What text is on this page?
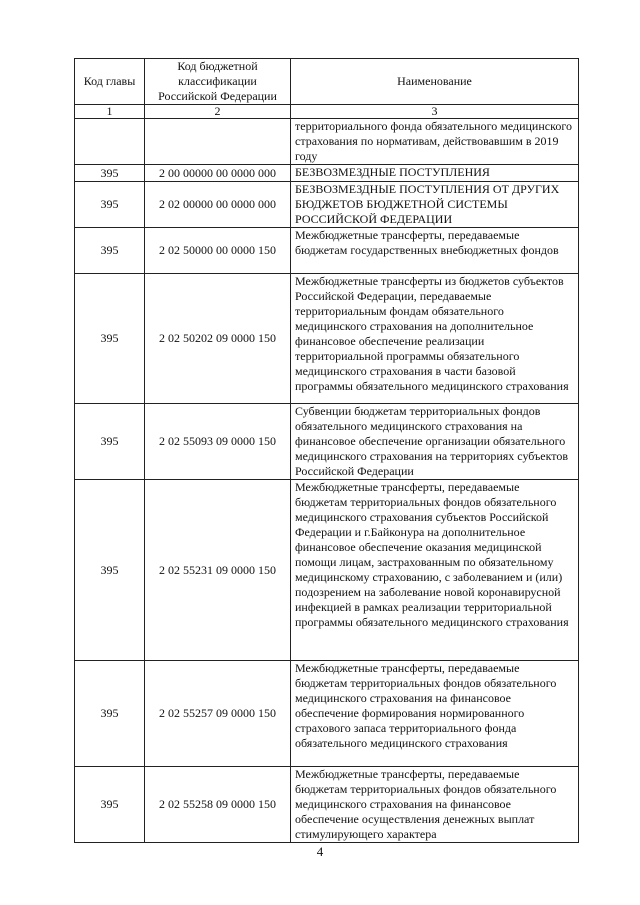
Код главы	Код бюджетной классификации Российской Федерации	Наименование
1	2	3
		территориального фонда обязательного медицинского страхования по нормативам, действовавшим в 2019 году
395	2 00 00000 00 0000 000	БЕЗВОЗМЕЗДНЫЕ ПОСТУПЛЕНИЯ
395	2 02 00000 00 0000 000	БЕЗВОЗМЕЗДНЫЕ ПОСТУПЛЕНИЯ ОТ ДРУГИХ БЮДЖЕТОВ БЮДЖЕТНОЙ СИСТЕМЫ РОССИЙСКОЙ ФЕДЕРАЦИИ
395	2 02 50000 00 0000 150	Межбюджетные трансферты, передаваемые бюджетам государственных внебюджетных фондов
395	2 02 50202 09 0000 150	Межбюджетные трансферты из бюджетов субъектов Российской Федерации, передаваемые территориальным фондам обязательного медицинского страхования на дополнительное финансовое обеспечение реализации территориальной программы обязательного медицинского страхования в части базовой программы обязательного медицинского страхования
395	2 02 55093 09 0000 150	Субвенции бюджетам территориальных фондов обязательного медицинского страхования на финансовое обеспечение организации обязательного медицинского страхования на территориях субъектов Российской Федерации
395	2 02 55231 09 0000 150	Межбюджетные трансферты, передаваемые бюджетам территориальных фондов обязательного медицинского страхования субъектов Российской Федерации и г.Байконура на дополнительное финансовое обеспечение оказания медицинской помощи лицам, застрахованным по обязательному медицинскому страхованию, с заболеванием и (или) подозрением на заболевание новой коронавирусной инфекцией в рамках реализации территориальной программы обязательного медицинского страхования
395	2 02 55257 09 0000 150	Межбюджетные трансферты, передаваемые бюджетам территориальных фондов обязательного медицинского страхования на финансовое обеспечение формирования нормированного страхового запаса территориального фонда обязательного медицинского страхования
395	2 02 55258 09 0000 150	Межбюджетные трансферты, передаваемые бюджетам территориальных фондов обязательного медицинского страхования на финансовое обеспечение осуществления денежных выплат стимулирующего характера
4
